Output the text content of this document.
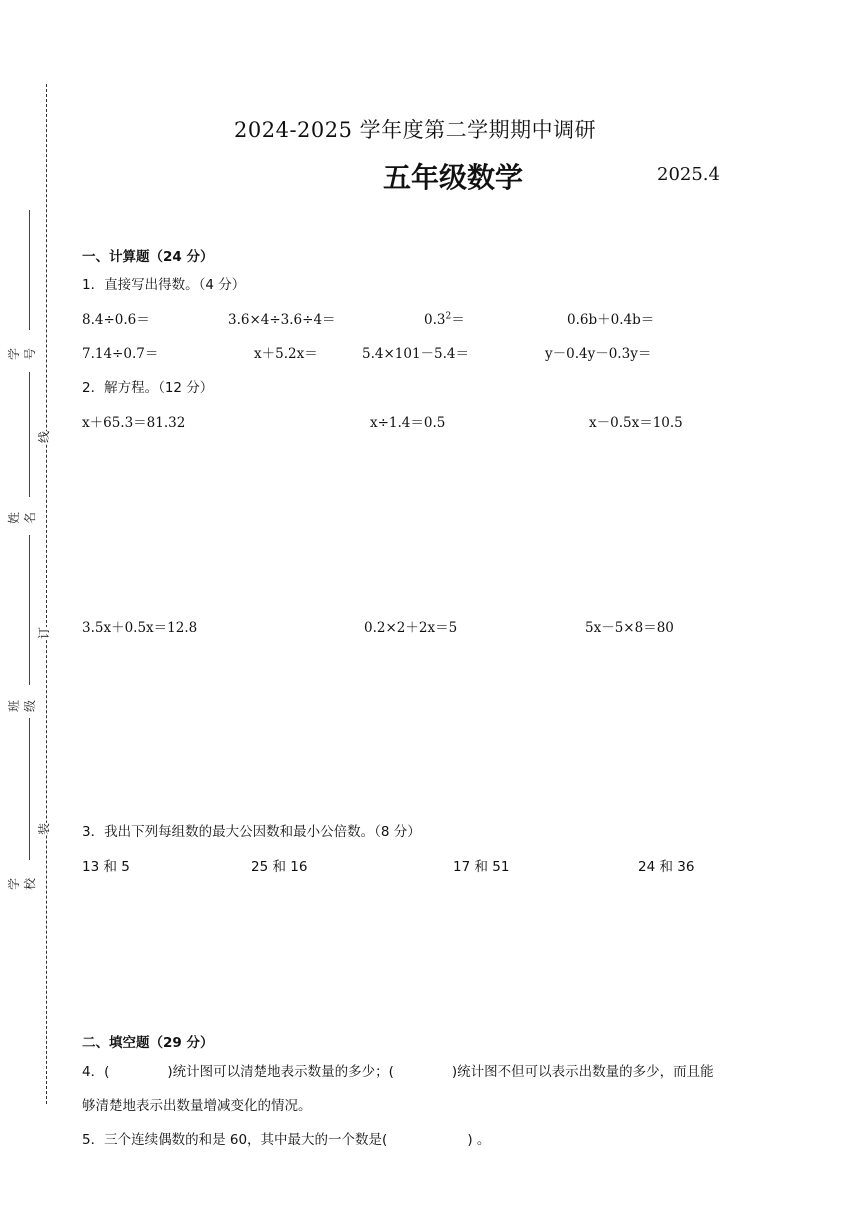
学号
姓名
班级
学校
线
订
装
2024-2025 学年度第二学期期中调研
五年级数学	2025.4
一、计算题（24 分）
1．直接写出得数。（4 分）
8.4÷0.6＝	3.6×4÷3.6÷4＝	$0.3^2=$	0.6b＋0.4b＝
7.14÷0.7＝	x＋5.2x＝	5.4×101－5.4＝	y－0.4y－0.3y＝
2．解方程。（12 分）
x＋65.3＝81.32	x÷1.4＝0.5	x－0.5x＝10.5
3.5x＋0.5x＝12.8	0.2×2＋2x＝5	5x－5×8＝80
3．我出下列每组数的最大公因数和最小公倍数。（8 分）
13 和 5	25 和 16	17 和 51	24 和 36
二、填空题（29 分）
4．(	)统计图可以清楚地表示数量的多少；(	)统计图不但可以表示出数量的多少，而且能
够清楚地表示出数量增减变化的情况。
5．三个连续偶数的和是 60，其中最大的一个数是(	) 。
